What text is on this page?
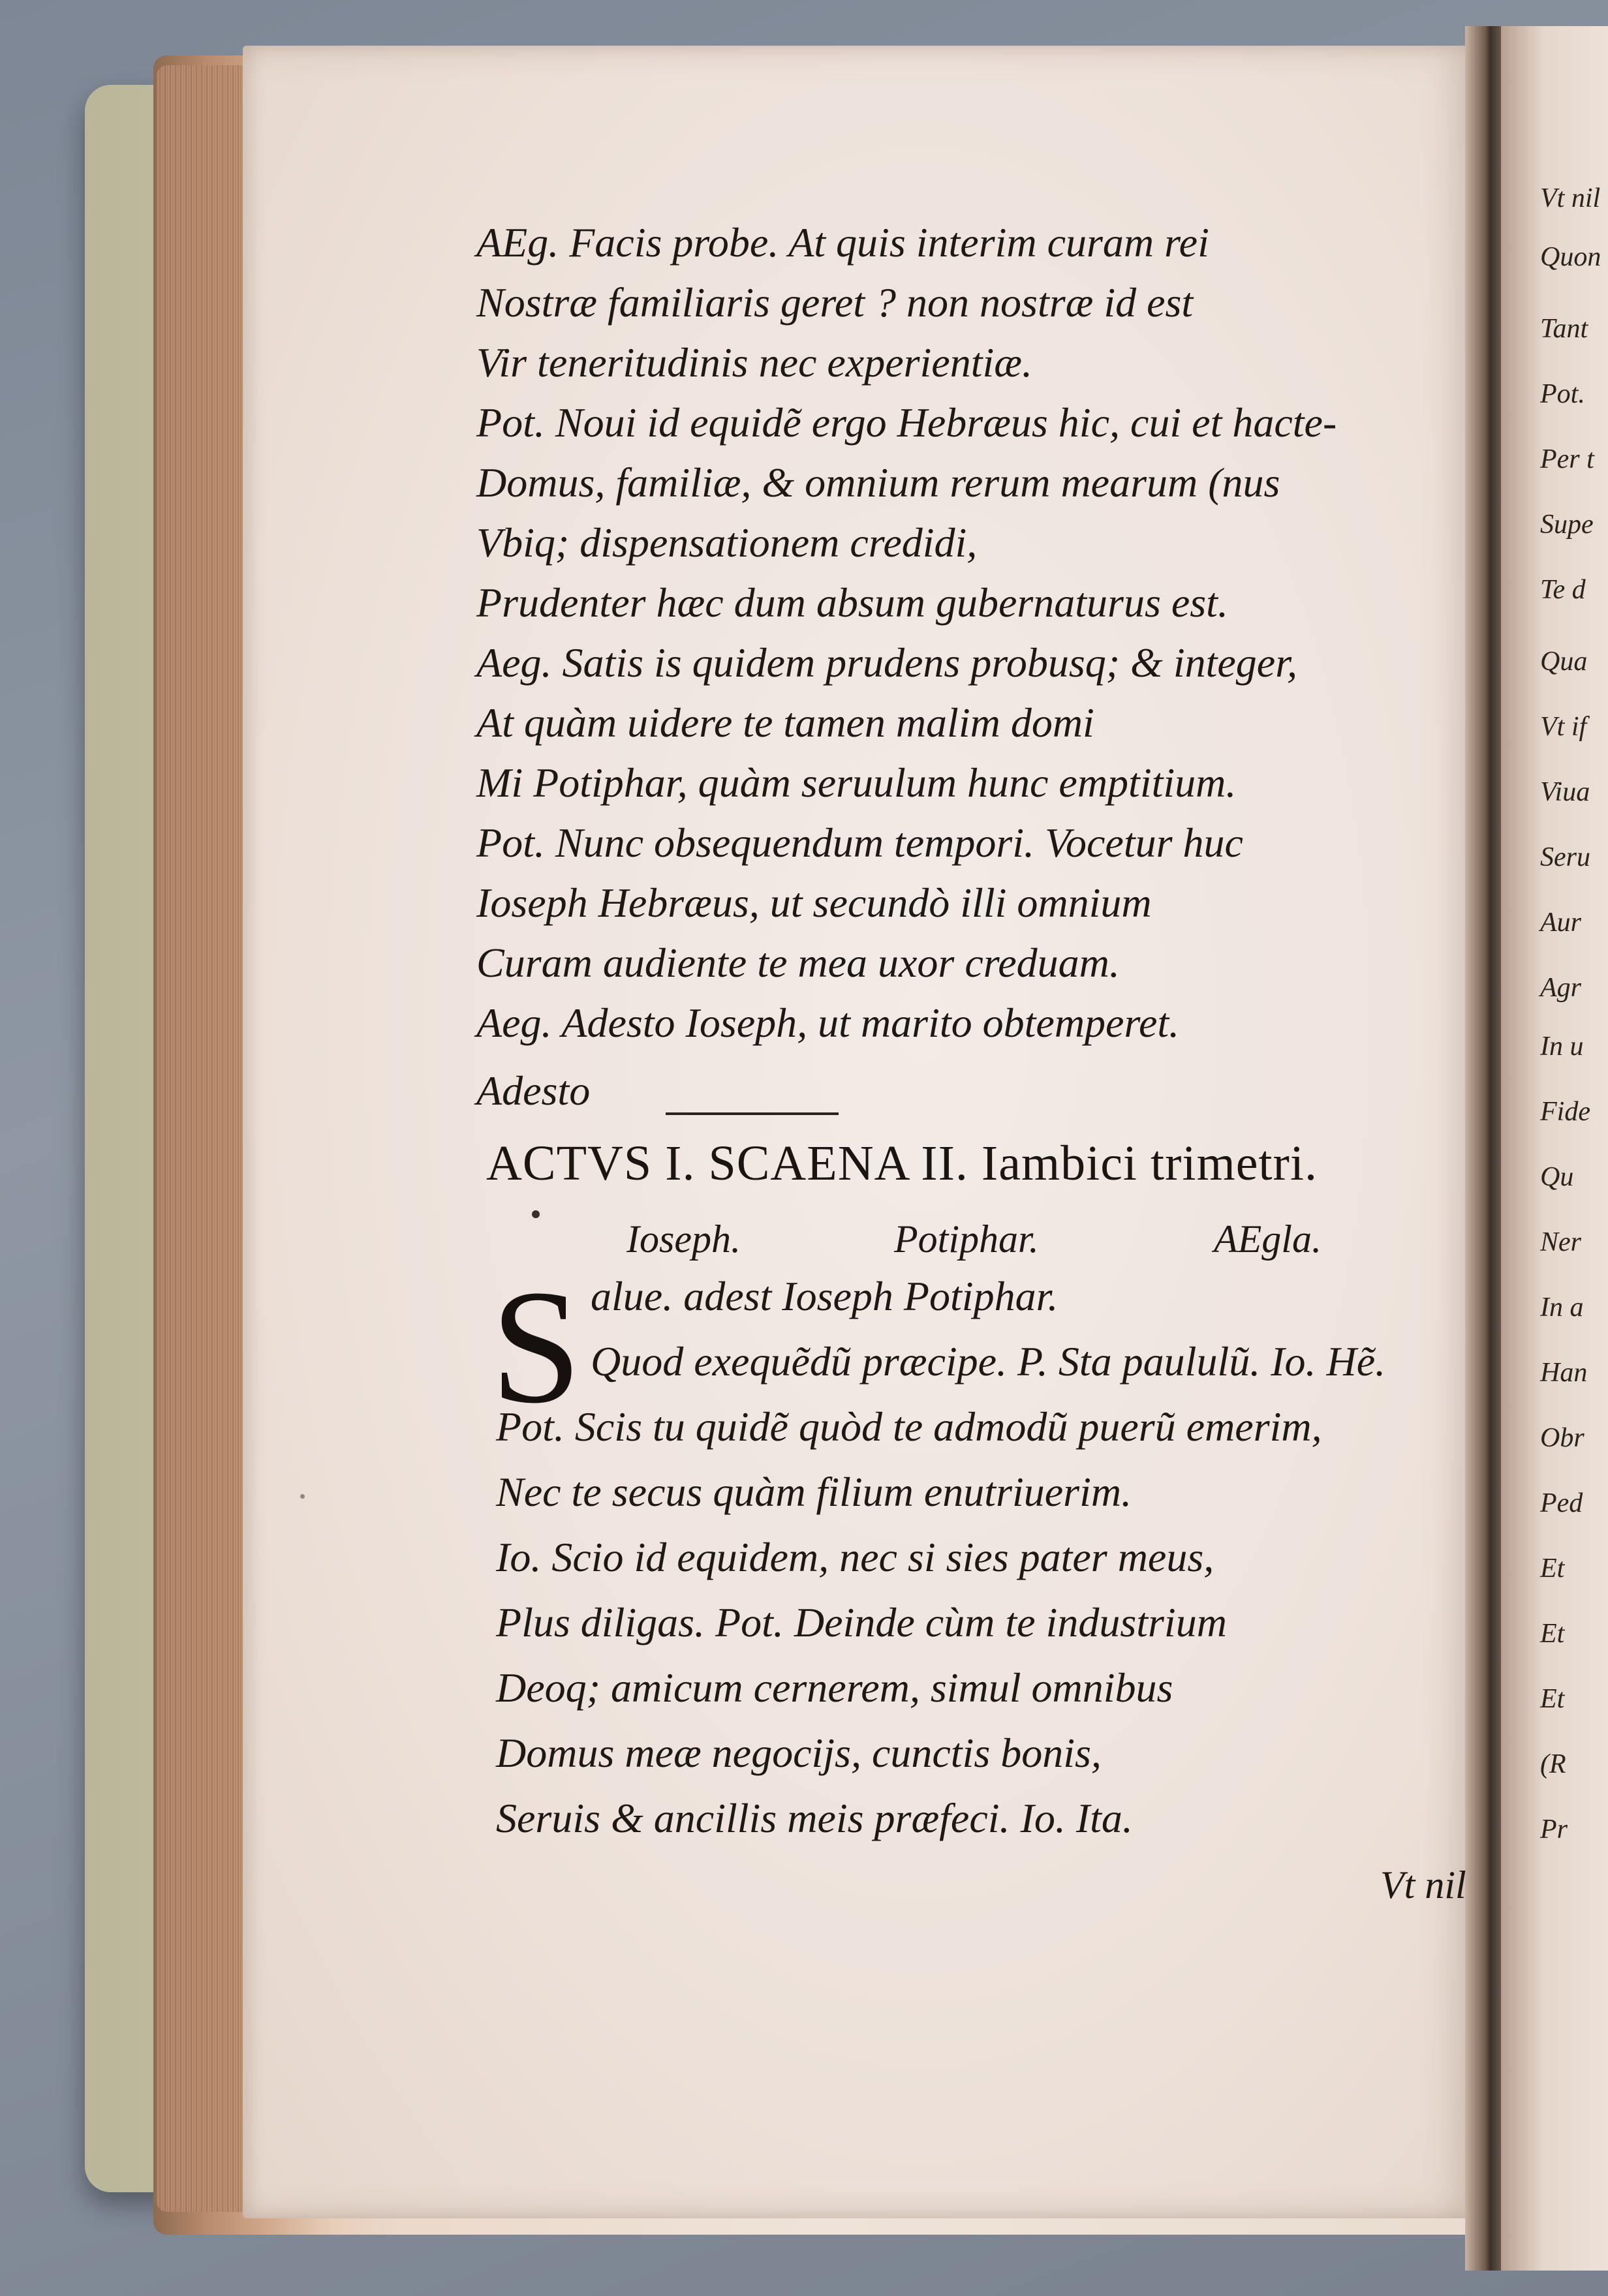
Vt nil
Quon
Tant
Pot.
Per t
Supe
Te d
Qua
Vt if
Viua
Seru
Aur
Agr
In u
Fide
Qu
Ner
In a
Han
Obr
Ped
Et
Et
Et
(R
Pr
AEg. Facis probe. At quis interim curam rei
Nostræ familiaris geret ? non nostræ id est
Vir teneritudinis nec experientiæ.
Pot. Noui id equidẽ ergo Hebræus hic, cui et hacte-
Domus, familiæ, & omnium rerum mearum (nus
Vbiq; dispensationem credidi,
Prudenter hæc dum absum gubernaturus est.
Aeg. Satis is quidem prudens probusq; & integer,
At quàm uidere te tamen malim domi
Mi Potiphar, quàm seruulum hunc emptitium.
Pot. Nunc obsequendum tempori. Vocetur huc
Ioseph Hebræus, ut secundò illi omnium
Curam audiente te mea uxor creduam.
Aeg. Adesto Ioseph, ut marito obtemperet.
Adesto
ACTVS I. SCAENA II. Iambici trimetri.
Ioseph.	Potiphar.	AEgla.
S alue. adest Ioseph Potiphar.
Quod exequẽdũ præcipe. P. Sta paululũ. Io. Hẽ.
Pot. Scis tu quidẽ quòd te admodũ puerũ emerim,
Nec te secus quàm filium enutriuerim.
Io. Scio id equidem, nec si sies pater meus,
Plus diligas. Pot. Deinde cùm te industrium
Deoq; amicum cernerem, simul omnibus
Domus meæ negocijs, cunctis bonis,
Seruis & ancillis meis præfeci. Io. Ita.
Vt nil
